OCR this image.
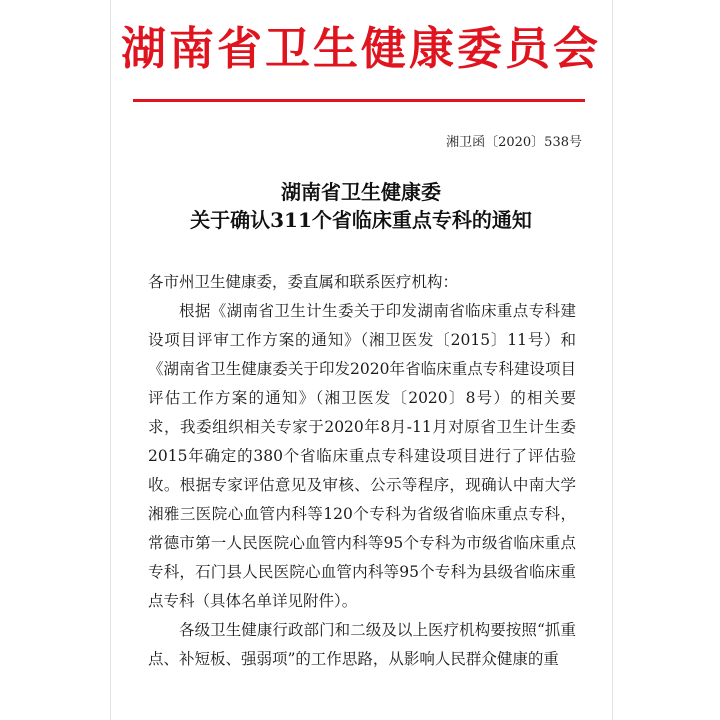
湖南省卫生健康委员会
湘卫函〔2020〕538号
湖南省卫生健康委
关于确认311个省临床重点专科的通知
各市州卫生健康委，委直属和联系医疗机构：

根据《湖南省卫生计生委关于印发湖南省临床重点专科建设项目评审工作方案的通知》（湘卫医发〔2015〕11号）和《湖南省卫生健康委关于印发2020年省临床重点专科建设项目评估工作方案的通知》（湘卫医发〔2020〕8号）的相关要求，我委组织相关专家于2020年8月-11月对原省卫生计生委2015年确定的380个省临床重点专科建设项目进行了评估验收。根据专家评估意见及审核、公示等程序，现确认中南大学湘雅三医院心血管内科等120个专科为省级省临床重点专科，常德市第一人民医院心血管内科等95个专科为市级省临床重点专科，石门县人民医院心血管内科等95个专科为县级省临床重点专科（具体名单详见附件）。

各级卫生健康行政部门和二级及以上医疗机构要按照“抓重点、补短板、强弱项”的工作思路，从影响人民群众健康的重
